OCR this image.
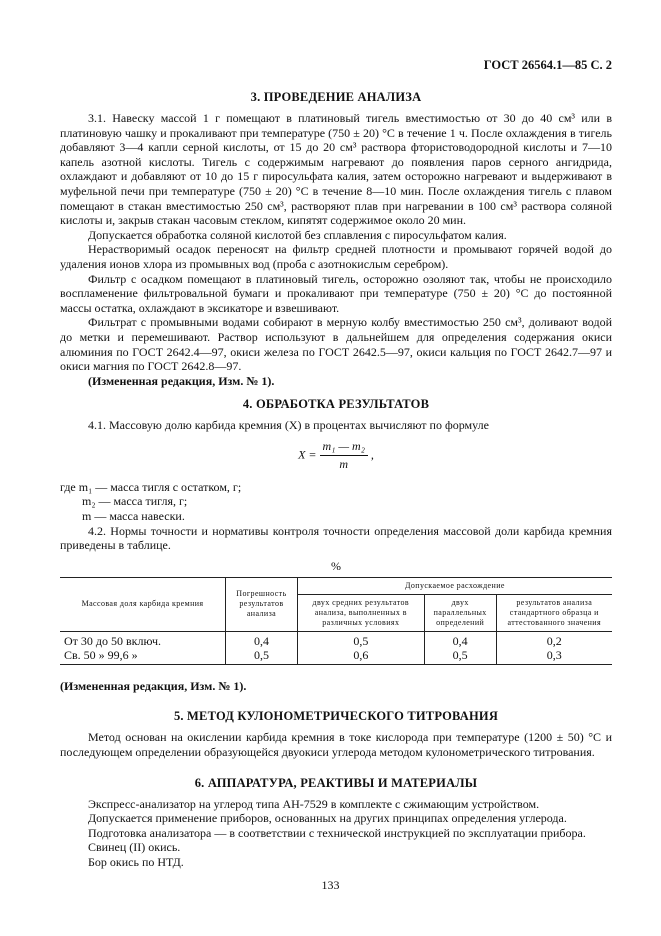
ГОСТ 26564.1—85 С. 2
3. ПРОВЕДЕНИЕ АНАЛИЗА

3.1. Навеску массой 1 г помещают в платиновый тигель вместимостью от 30 до 40 см³ или в платиновую чашку и прокаливают при температуре (750 ± 20) °С в течение 1 ч. После охлаждения в тигель добавляют 3—4 капли серной кислоты, от 15 до 20 см³ раствора фтористоводородной кислоты и 7—10 капель азотной кислоты. Тигель с содержимым нагревают до появления паров серного ангидрида, охлаждают и добавляют от 10 до 15 г пиросульфата калия, затем осторожно нагревают и выдерживают в муфельной печи при температуре (750 ± 20) °С в течение 8—10 мин. После охлаждения тигель с плавом помещают в стакан вместимостью 250 см³, растворяют плав при нагревании в 100 см³ раствора соляной кислоты и, закрыв стакан часовым стеклом, кипятят содержимое около 20 мин.

Допускается обработка соляной кислотой без сплавления с пиросульфатом калия.

Нерастворимый осадок переносят на фильтр средней плотности и промывают горячей водой до удаления ионов хлора из промывных вод (проба с азотнокислым серебром).

Фильтр с осадком помещают в платиновый тигель, осторожно озоляют так, чтобы не происходило воспламенение фильтровальной бумаги и прокаливают при температуре (750 ± 20) °С до постоянной массы остатка, охлаждают в эксикаторе и взвешивают.

Фильтрат с промывными водами собирают в мерную колбу вместимостью 250 см³, доливают водой до метки и перемешивают. Раствор используют в дальнейшем для определения содержания окиси алюминия по ГОСТ 2642.4—97, окиси железа по ГОСТ 2642.5—97, окиси кальция по ГОСТ 2642.7—97 и окиси магния по ГОСТ 2642.8—97.

(Измененная редакция, Изм. № 1).

4. ОБРАБОТКА РЕЗУЛЬТАТОВ

4.1. Массовую долю карбида кремния (X) в процентах вычисляют по формуле

$X = \frac{\text{m₁ — m₂}}{m}$ ,

где m₁ — масса тигля с остатком, г;

m₂ — масса тигля, г;

m — масса навески.

4.2. Нормы точности и нормативы контроля точности определения массовой доли карбида кремния приведены в таблице.

%
Массовая доля карбида кремния	Погрешность результатов анализа	Допускаемое расхождение		
		двух средних результатов анализа, выполненных в различных условиях	двух параллельных определений	результатов анализа стандартного образца и аттестованного значения
От 30 до 50 включ.	0,4	0,5	0,4	0,2
Св. 50 » 99,6 »	0,5	0,6	0,5	0,3

(Измененная редакция, Изм. № 1).

5. МЕТОД КУЛОНОМЕТРИЧЕСКОГО ТИТРОВАНИЯ

Метод основан на окислении карбида кремния в токе кислорода при температуре (1200 ± 50) °С и последующем определении образующейся двуокиси углерода методом кулонометрического титрования.

6. АППАРАТУРА, РЕАКТИВЫ И МАТЕРИАЛЫ

Экспресс-анализатор на углерод типа АН-7529 в комплекте с сжимающим устройством.

Допускается применение приборов, основанных на других принципах определения углерода.

Подготовка анализатора — в соответствии с технической инструкцией по эксплуатации прибора.

Свинец (II) окись.

Бор окись по НТД.

133
